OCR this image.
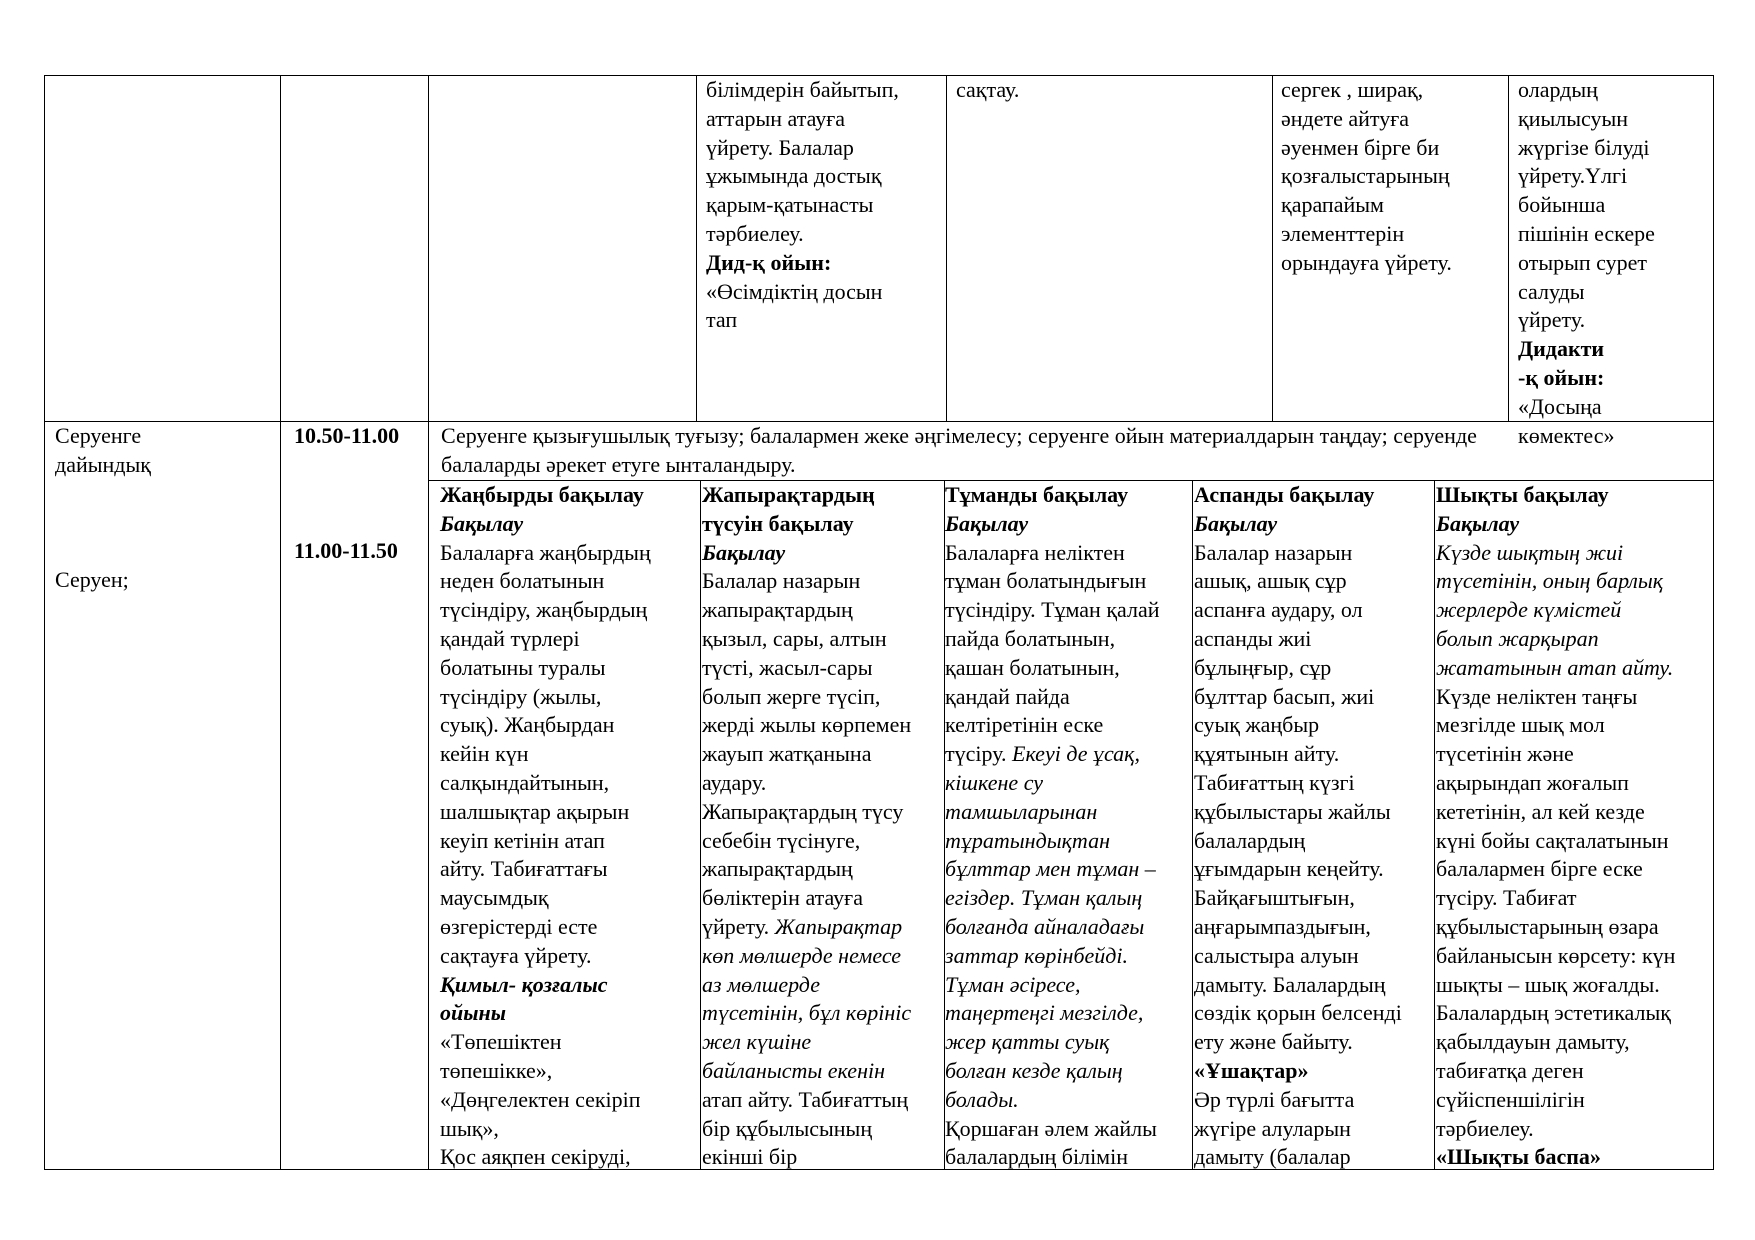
білімдерін байытып,
аттарын атауға
үйрету. Балалар
ұжымында достық
қарым-қатынасты
тәрбиелеу.
Дид-қ ойын:
«Өсімдіктің досын
тап

сақтау.	сергек , ширақ,
әндете айтуға
әуенмен бірге би
қозғалыстарының
қарапайым
элементтерін
орындауға үйрету.

олардың
қиылысуын
жүргізе білуді
үйрету.Үлгі
бойынша
пішінін ескере
отырып сурет
салуды
үйрету.
Дидакти
-қ ойын:
«Досыңа
көмектес»

Серуенге
дайындық

Серуен;

10.50-11.00
11.00-11.50

Серуенге қызығушылық туғызу; балалармен жеке әңгімелесу; серуенге ойын материалдарын таңдау; серуенде
балаларды әрекет етуге ынталандыру.

Жаңбырды бақылау
Бақылау
Балаларға жаңбырдың
неден болатынын
түсіндіру, жаңбырдың
қандай түрлері
болатыны туралы
түсіндіру (жылы,
суық). Жаңбырдан
кейін күн
салқындайтынын,
шалшықтар ақырын
кеуіп кетінін атап
айту. Табиғаттағы
маусымдық
өзгерістерді есте
сақтауға үйрету.
Қимыл- қозғалыс
ойыны
«Төпешіктен
төпешікке»,
«Дөңгелектен секіріп
шық»,
Қос аяқпен секіруді,

Жапырақтардың
түсуін бақылау
Бақылау
Балалар назарын
жапырақтардың
қызыл, сары, алтын
түсті, жасыл-сары
болып жерге түсіп,
жерді жылы көрпемен
жауып жатқанына
аудару.
Жапырақтардың түсу
себебін түсінуге,
жапырақтардың
бөліктерін атауға
үйрету. Жапырақтар
көп мөлшерде немесе
аз мөлшерде
түсетінін, бұл көрініс
жел күшіне
байланысты екенін
атап айту. Табиғаттың
бір құбылысының
екінші бір

Тұманды бақылау
Бақылау
Балаларға неліктен
тұман болатындығын
түсіндіру. Тұман қалай
пайда болатынын,
қашан болатынын,
қандай пайда
келтіретінін еске
түсіру. Екеуі де ұсақ,
кішкене су
тамшыларынан
тұратындықтан
бұлттар мен тұман –
егіздер. Тұман қалың
болғанда айналадағы
заттар көрінбейді.
Тұман әсіресе,
таңертеңгі мезгілде,
жер қатты суық
болған кезде қалың
болады.
Қоршаған әлем жайлы
балалардың білімін

Аспанды бақылау
Бақылау
Балалар назарын
ашық, ашық сұр
аспанға аудару, ол
аспанды жиі
бұлыңғыр, сұр
бұлттар басып, жиі
суық жаңбыр
құятынын айту.
Табиғаттың күзгі
құбылыстары жайлы
балалардың
ұғымдарын кеңейту.
Байқағыштығын,
аңғарымпаздығын,
салыстыра алуын
дамыту. Балалардың
сөздік қорын белсенді
ету және байыту.
«Ұшақтар»
Әр түрлі бағытта
жүгіре алуларын
дамыту (балалар

Шықты бақылау
Бақылау
Күзде шықтың жиі
түсетінін, оның барлық
жерлерде күмістей
болып жарқырап
жататынын атап айту.
Күзде неліктен таңғы
мезгілде шық мол
түсетінін және
ақырындап жоғалып
кететінін, ал кей кезде
күні бойы сақталатынын
балалармен бірге еске
түсіру. Табиғат
құбылыстарының өзара
байланысын көрсету: күн
шықты – шық жоғалды.
Балалардың эстетикалық
қабылдауын дамыту,
табиғатқа деген
сүйіспеншілігін
тәрбиелеу.
«Шықты баспа»
